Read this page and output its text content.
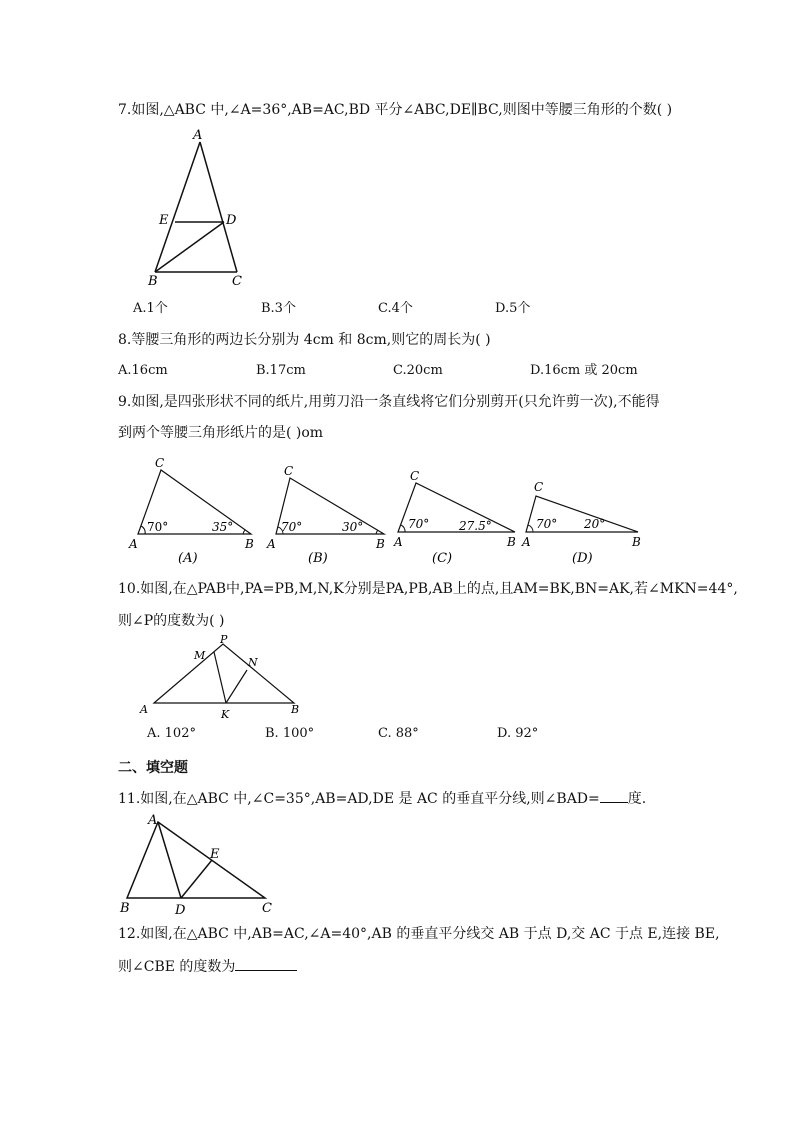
7.如图,△ABC 中,∠A=36°,AB=AC,BD 平分∠ABC,DE∥BC,则图中等腰三角形的个数( )
A
E	D
B	C
A.1个	B.3个	C.4个	D.5个
8.等腰三角形的两边长分别为 4cm 和 8cm,则它的周长为( )
A.16cm	B.17cm	C.20cm	D.16cm 或 20cm
9.如图,是四张形状不同的纸片,用剪刀沿一条直线将它们分别剪开(只允许剪一次),不能得
到两个等腰三角形纸片的是( )om
C
A	B
70°	35°
(A)
C
A	B
70°	30°
(B)
C
A	B
70° 27.5°
(C)
C
A	B
70° 20°
(D)
10.如图,在△PAB中,PA=PB,M,N,K分别是PA,PB,AB上的点,且AM=BK,BN=AK,若∠MKN=44°,
则∠P的度数为( )
P
M
N
A	K	B
A. 102°	B. 100°	C. 88°	D. 92°
二、填空题
11.如图,在△ABC 中,∠C=35°,AB=AD,DE 是 AC 的垂直平分线,则∠BAD= 度.
A
E
B	D	C
12.如图,在△ABC 中,AB=AC,∠A=40°,AB 的垂直平分线交 AB 于点 D,交 AC 于点 E,连接 BE,
则∠CBE 的度数为
